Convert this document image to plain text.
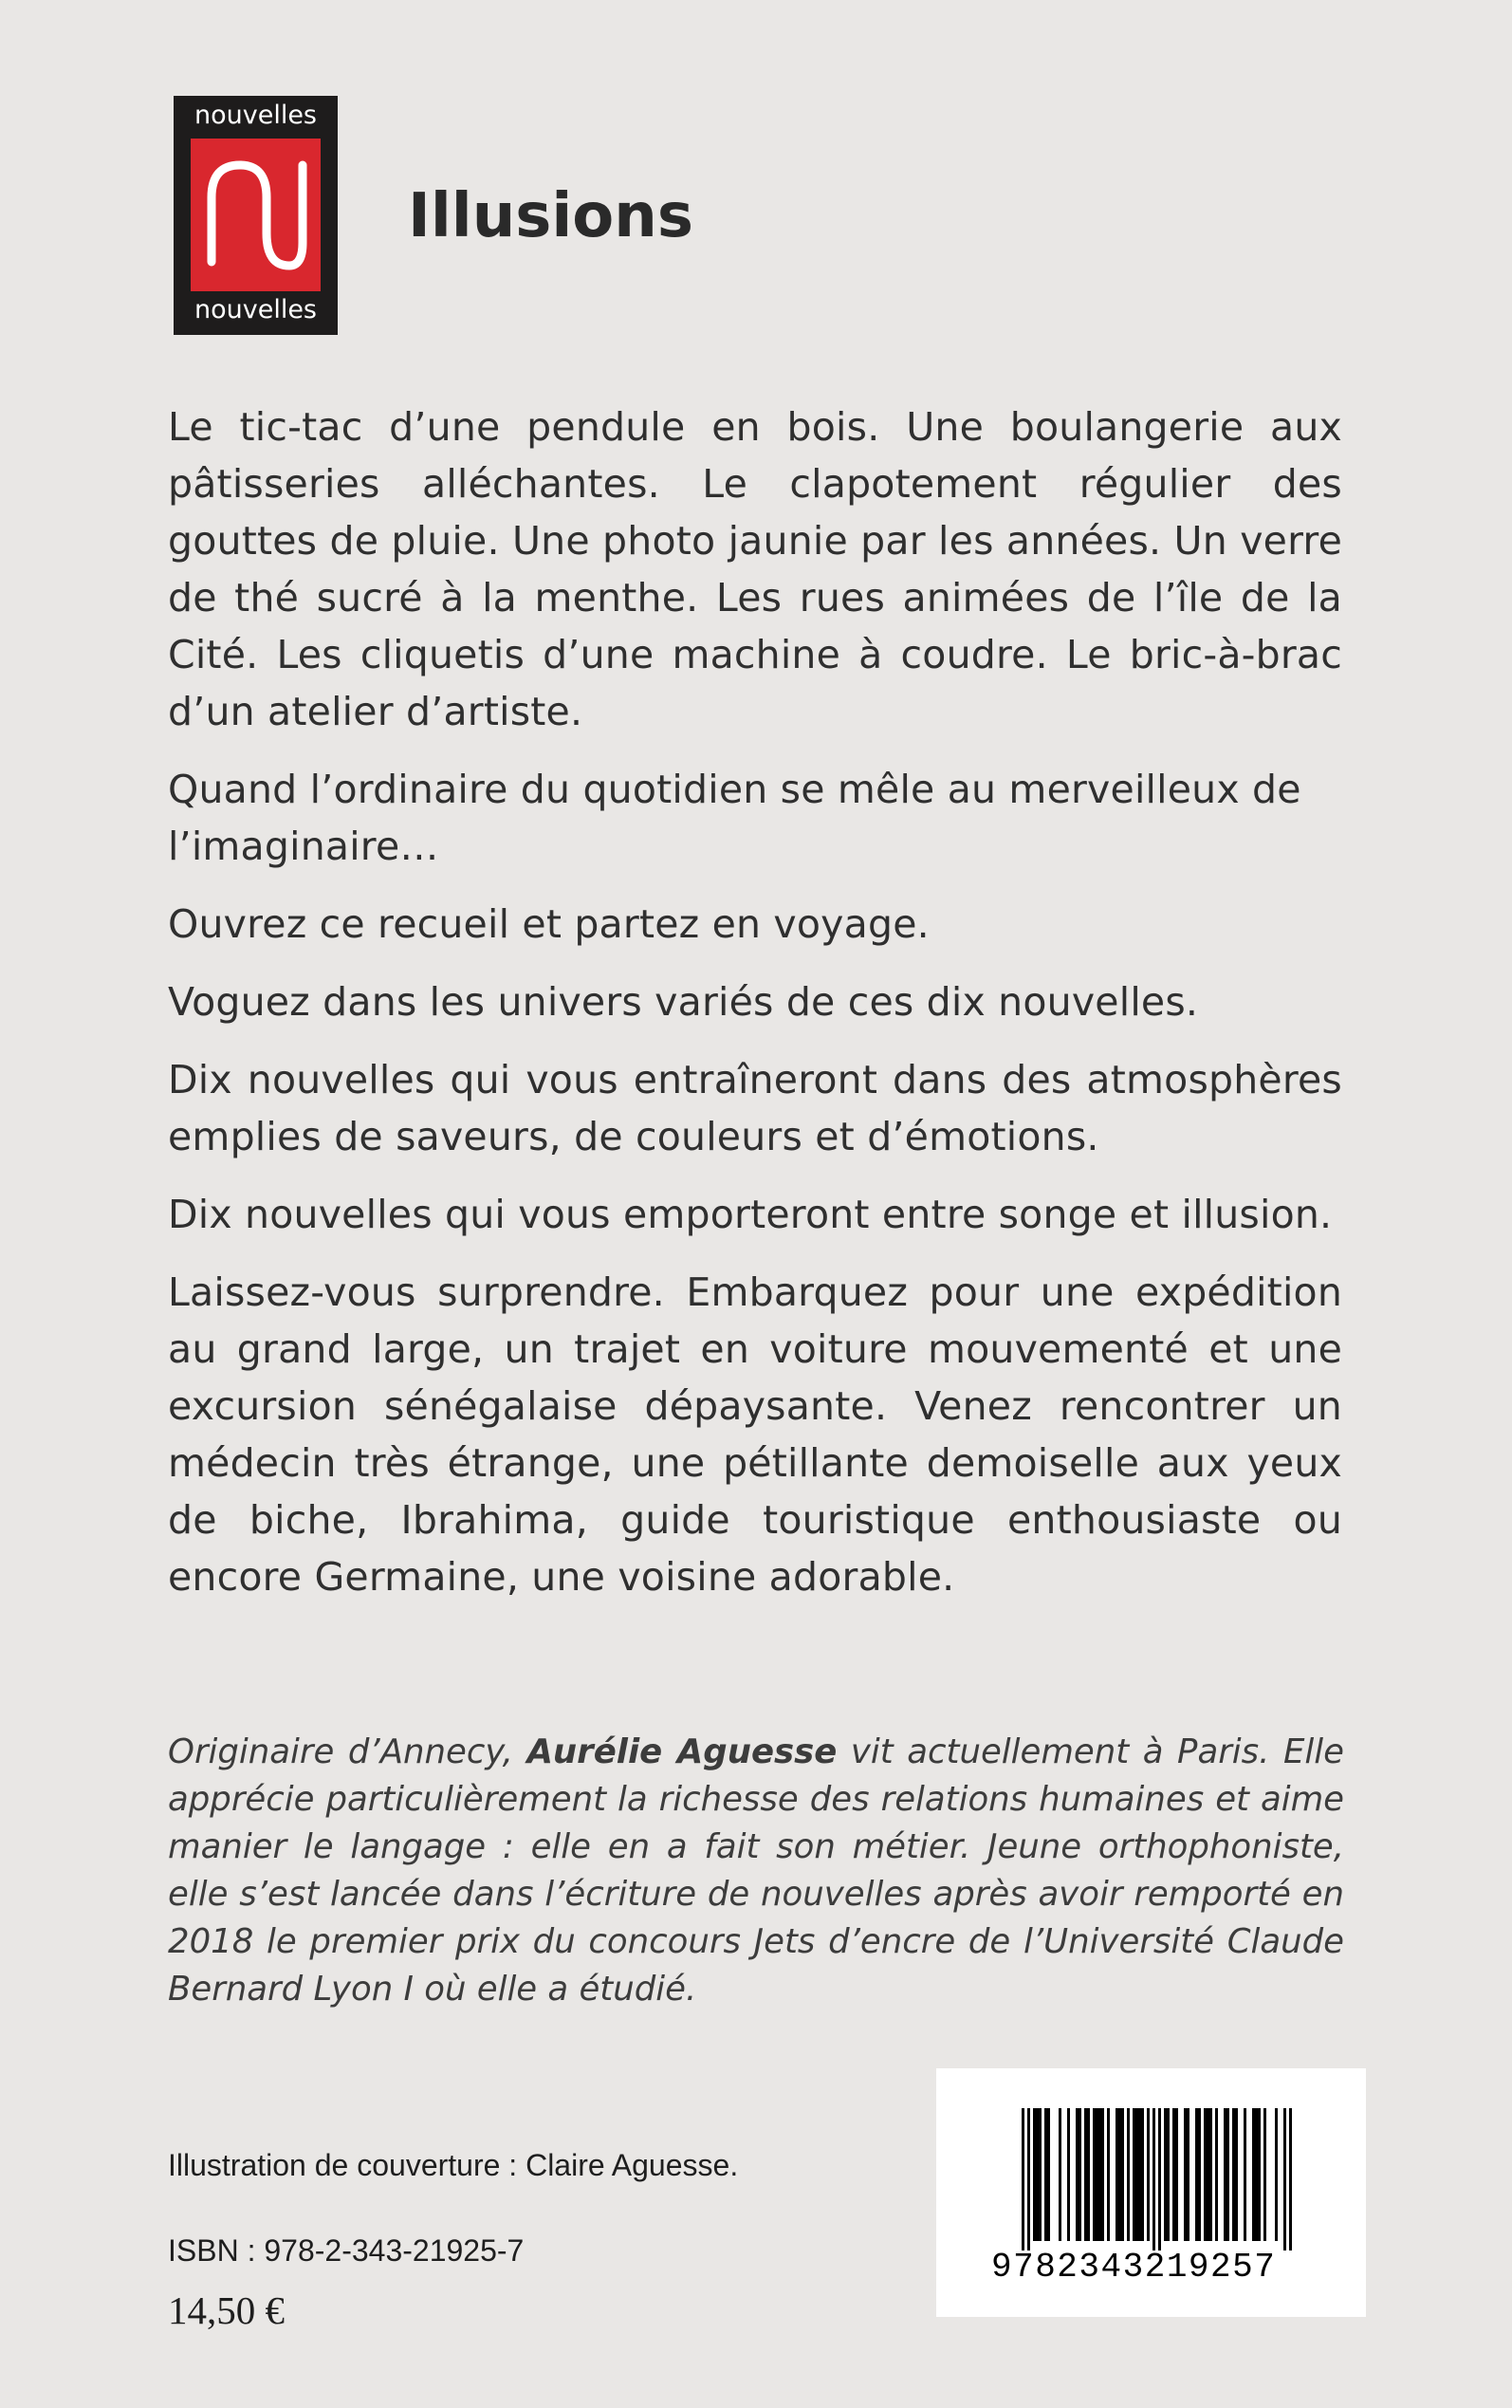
nouvelles
nouvelles
Illusions

Le tic-tac d’une pendule en bois. Une boulangerie aux pâtisseries alléchantes. Le clapotement régulier des gouttes de pluie. Une photo jaunie par les années. Un verre de thé sucré à la menthe. Les rues animées de l’île de la Cité. Les cliquetis d’une machine à coudre. Le bric-à-brac d’un atelier d’artiste.

Quand l’ordinaire du quotidien se mêle au merveilleux de l’imaginaire…

Ouvrez ce recueil et partez en voyage.

Voguez dans les univers variés de ces dix nouvelles.

Dix nouvelles qui vous entraîneront dans des atmosphères emplies de saveurs, de couleurs et d’émotions.

Dix nouvelles qui vous emporteront entre songe et illusion.

Laissez-vous surprendre. Embarquez pour une expédition au grand large, un trajet en voiture mouvementé et une excursion sénégalaise dépaysante. Venez rencontrer un médecin très étrange, une pétillante demoiselle aux yeux de biche, Ibrahima, guide touristique enthousiaste ou encore Germaine, une voisine adorable.

Originaire d’Annecy, Aurélie Aguesse vit actuellement à Paris. Elle apprécie particulièrement la richesse des relations humaines et aime manier le langage : elle en a fait son métier. Jeune orthophoniste, elle s’est lancée dans l’écriture de nouvelles après avoir remporté en 2018 le premier prix du concours Jets d’encre de l’Université Claude Bernard Lyon I où elle a étudié.

Illustration de couverture : Claire Aguesse.

ISBN : 978-2-343-21925-7

14,50 €

9782343219257
